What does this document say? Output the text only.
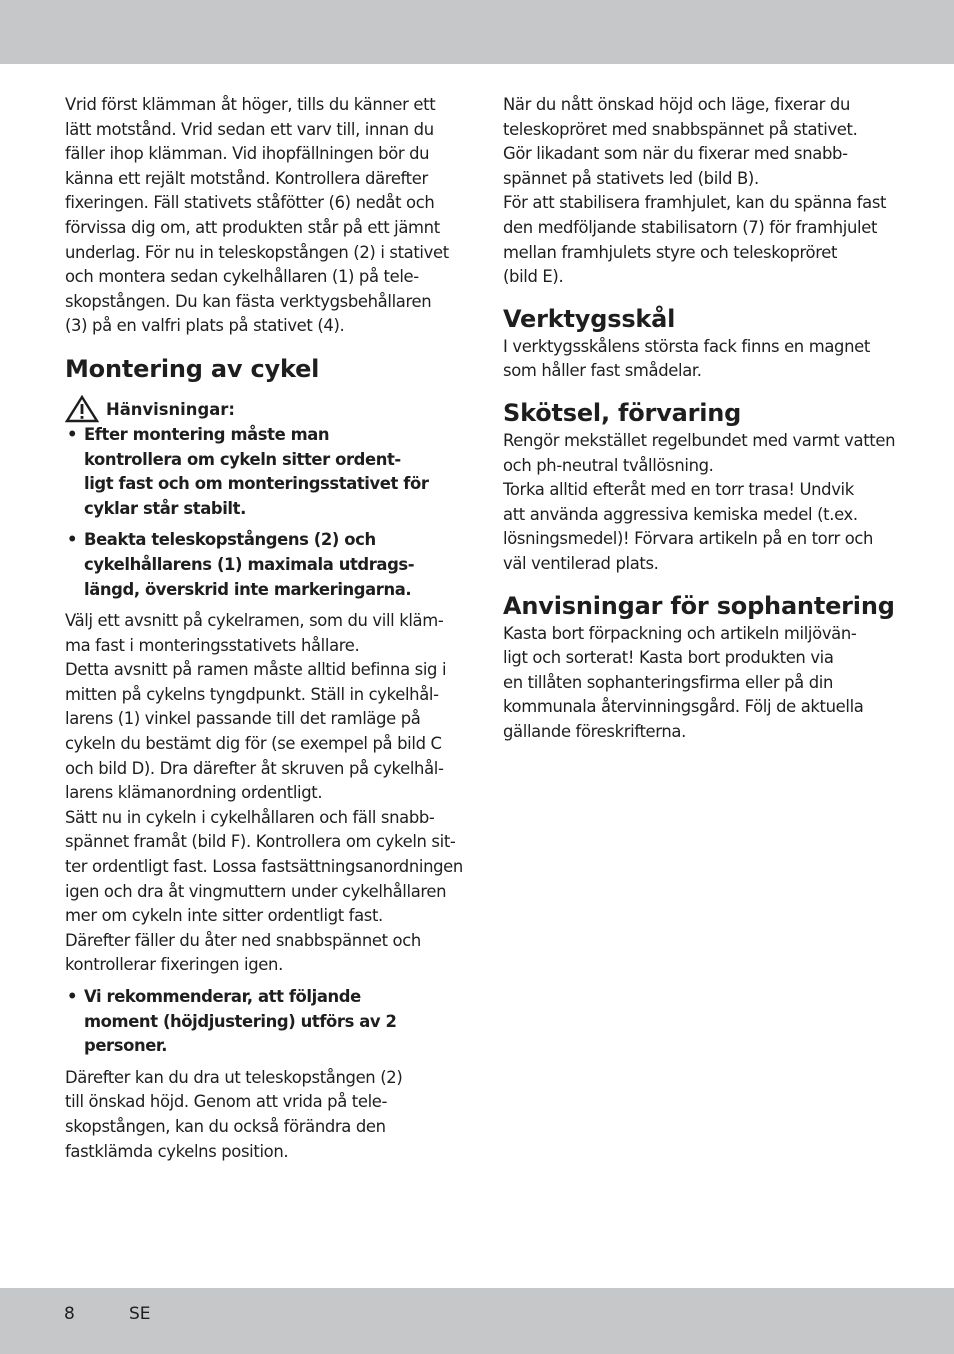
Vrid först klämman åt höger, tills du känner ett
lätt motstånd. Vrid sedan ett varv till, innan du
fäller ihop klämman. Vid ihopfällningen bör du
känna ett rejält motstånd. Kontrollera därefter
fixeringen. Fäll stativets ståfötter (6) nedåt och
förvissa dig om, att produkten står på ett jämnt
underlag. För nu in teleskopstången (2) i stativet
och montera sedan cykelhållaren (1) på tele-
skopstången. Du kan fästa verktygsbehållaren
(3) på en valfri plats på stativet (4).
Montering av cykel
Hänvisningar:
• Efter montering måste man
kontrollera om cykeln sitter ordent-
ligt fast och om monteringsstativet för
cyklar står stabilt.
• Beakta teleskopstångens (2) och
cykelhållarens (1) maximala utdrags-
längd, överskrid inte markeringarna.
Välj ett avsnitt på cykelramen, som du vill kläm-
ma fast i monteringsstativets hållare.
Detta avsnitt på ramen måste alltid befinna sig i
mitten på cykelns tyngdpunkt. Ställ in cykelhål-
larens (1) vinkel passande till det ramläge på
cykeln du bestämt dig för (se exempel på bild C
och bild D). Dra därefter åt skruven på cykelhål-
larens klämanordning ordentligt.
Sätt nu in cykeln i cykelhållaren och fäll snabb-
spännet framåt (bild F). Kontrollera om cykeln sit-
ter ordentligt fast. Lossa fastsättningsanordningen
igen och dra åt vingmuttern under cykelhållaren
mer om cykeln inte sitter ordentligt fast.
Därefter fäller du åter ned snabbspännet och
kontrollerar fixeringen igen.
• Vi rekommenderar, att följande
moment (höjdjustering) utförs av 2
personer.
Därefter kan du dra ut teleskopstången (2)
till önskad höjd. Genom att vrida på tele-
skopstången, kan du också förändra den
fastklämda cykelns position.
När du nått önskad höjd och läge, fixerar du
teleskopröret med snabbspännet på stativet.
Gör likadant som när du fixerar med snabb-
spännet på stativets led (bild B).
För att stabilisera framhjulet, kan du spänna fast
den medföljande stabilisatorn (7) för framhjulet
mellan framhjulets styre och teleskopröret
(bild E).
Verktygsskål
I verktygsskålens största fack finns en magnet
som håller fast smådelar.
Skötsel, förvaring
Rengör mekstället regelbundet med varmt vatten
och ph-neutral tvållösning.
Torka alltid efteråt med en torr trasa! Undvik
att använda aggressiva kemiska medel (t.ex.
lösningsmedel)! Förvara artikeln på en torr och
väl ventilerad plats.
Anvisningar för sophantering
Kasta bort förpackning och artikeln miljövän-
ligt och sorterat! Kasta bort produkten via
en tillåten sophanteringsfirma eller på din
kommunala återvinningsgård. Följ de aktuella
gällande föreskrifterna.
8	SE
